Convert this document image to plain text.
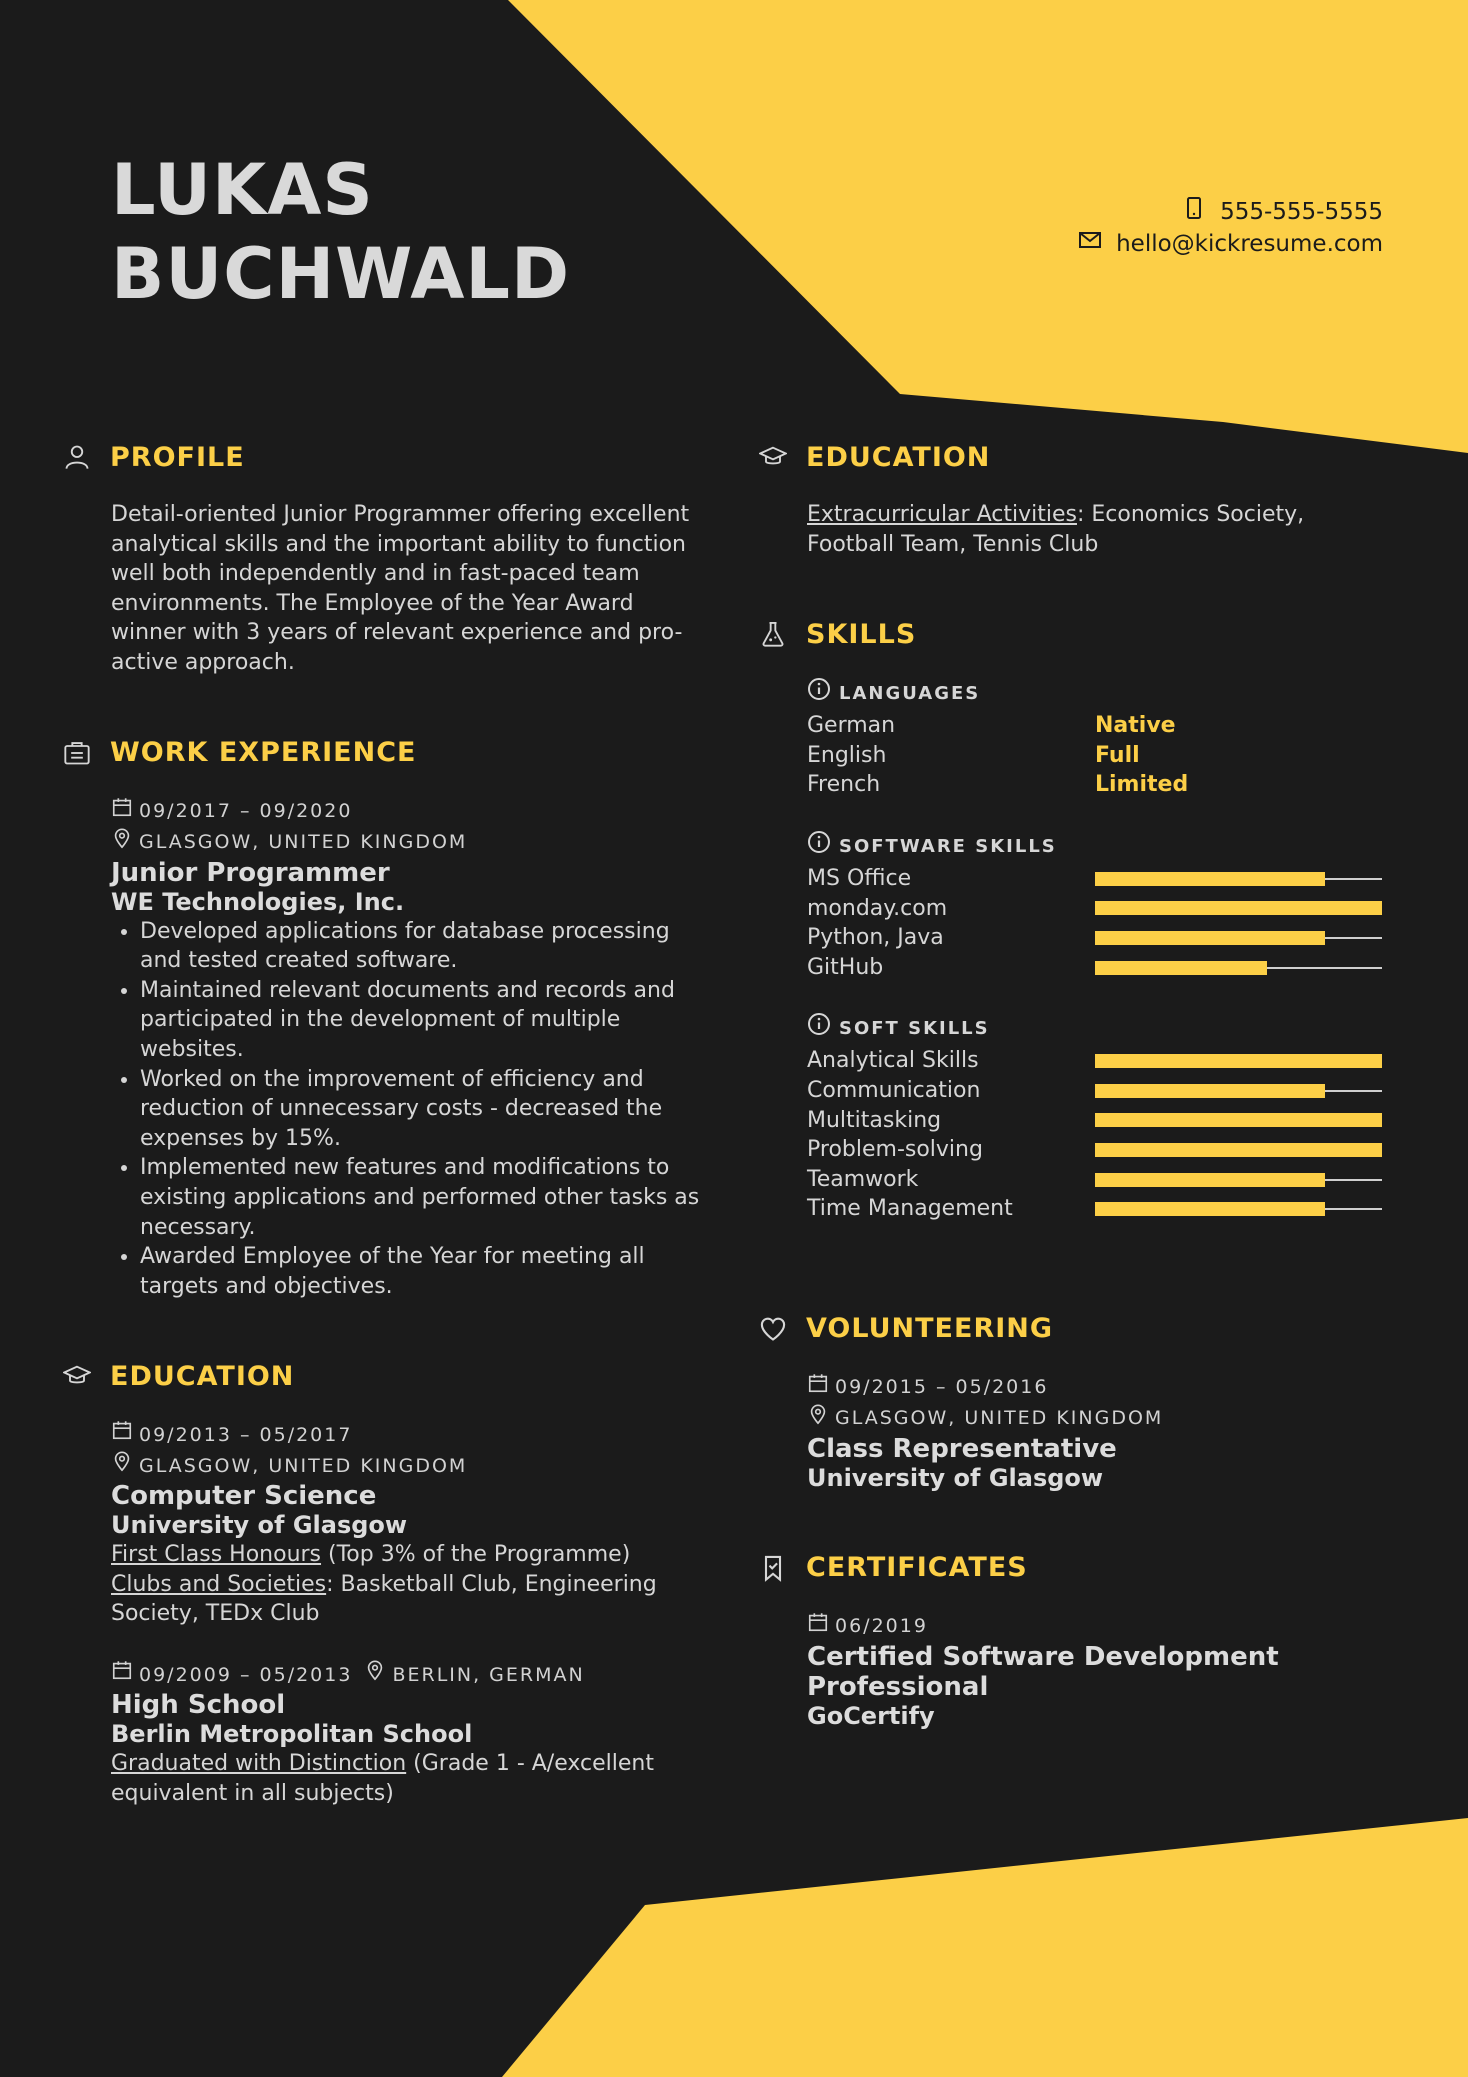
LUKAS
BUCHWALD
555-555-5555
hello@kickresume.com
PROFILE

Detail-oriented Junior Programmer offering excellent analytical skills and the important ability to function well both independently and in fast-paced team environments. The Employee of the Year Award winner with 3 years of relevant experience and pro-active approach.

WORK EXPERIENCE
09/2017 – 09/2020
GLASGOW, UNITED KINGDOM
Junior Programmer
WE Technologies, Inc.
• Developed applications for database processing and tested created software.
• Maintained relevant documents and records and participated in the development of multiple websites.
• Worked on the improvement of efficiency and reduction of unnecessary costs - decreased the expenses by 15%.
• Implemented new features and modifications to existing applications and performed other tasks as necessary.
• Awarded Employee of the Year for meeting all targets and objectives.
EDUCATION
09/2013 – 05/2017
GLASGOW, UNITED KINGDOM
Computer Science
University of Glasgow

First Class Honours (Top 3% of the Programme)

Clubs and Societies: Basketball Club, Engineering Society, TEDx Club

09/2009 – 05/2013 BERLIN, GERMAN
High School
Berlin Metropolitan School

Graduated with Distinction (Grade 1 - A/excellent equivalent in all subjects)

EDUCATION

Extracurricular Activities: Economics Society, Football Team, Tennis Club

SKILLS
LANGUAGES
German	Native
English	Full
French	Limited
SOFTWARE SKILLS
MS Office
monday.com
Python, Java
GitHub
SOFT SKILLS
Analytical Skills
Communication
Multitasking
Problem-solving
Teamwork
Time Management
VOLUNTEERING
09/2015 – 05/2016
GLASGOW, UNITED KINGDOM
Class Representative
University of Glasgow
CERTIFICATES
06/2019
Certified Software Development Professional
GoCertify
